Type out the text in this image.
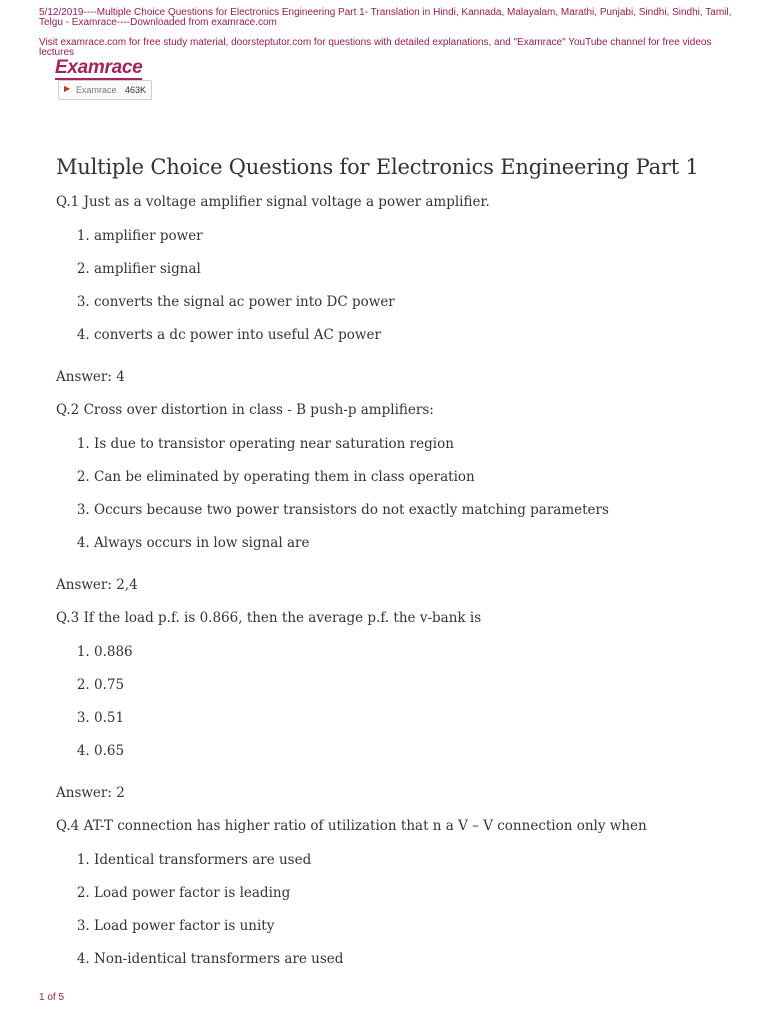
5/12/2019----Multiple Choice Questions for Electronics Engineering Part 1- Translation in Hindi, Kannada, Malayalam, Marathi, Punjabi, Sindhi, Sindhi, Tamil, Telgu - Examrace----Downloaded from examrace.com
Visit examrace.com for free study material, doorsteptutor.com for questions with detailed explanations, and "Examrace" YouTube channel for free videos lectures
Examrace
▶ Examrace 463K
Multiple Choice Questions for Electronics Engineering Part 1

Q.1 Just as a voltage amplifier signal voltage a power amplifier.

1. amplifier power
2. amplifier signal
3. converts the signal ac power into DC power
4. converts a dc power into useful AC power

Answer: 4

Q.2 Cross over distortion in class - B push-p amplifiers:

1. Is due to transistor operating near saturation region
2. Can be eliminated by operating them in class operation
3. Occurs because two power transistors do not exactly matching parameters
4. Always occurs in low signal are

Answer: 2,4

Q.3 If the load p.f. is 0.866, then the average p.f. the v-bank is

1. 0.886
2. 0.75
3. 0.51
4. 0.65

Answer: 2

Q.4 AT-T connection has higher ratio of utilization that n a V – V connection only when

1. Identical transformers are used
2. Load power factor is leading
3. Load power factor is unity
4. Non-identical transformers are used
1 of 5
